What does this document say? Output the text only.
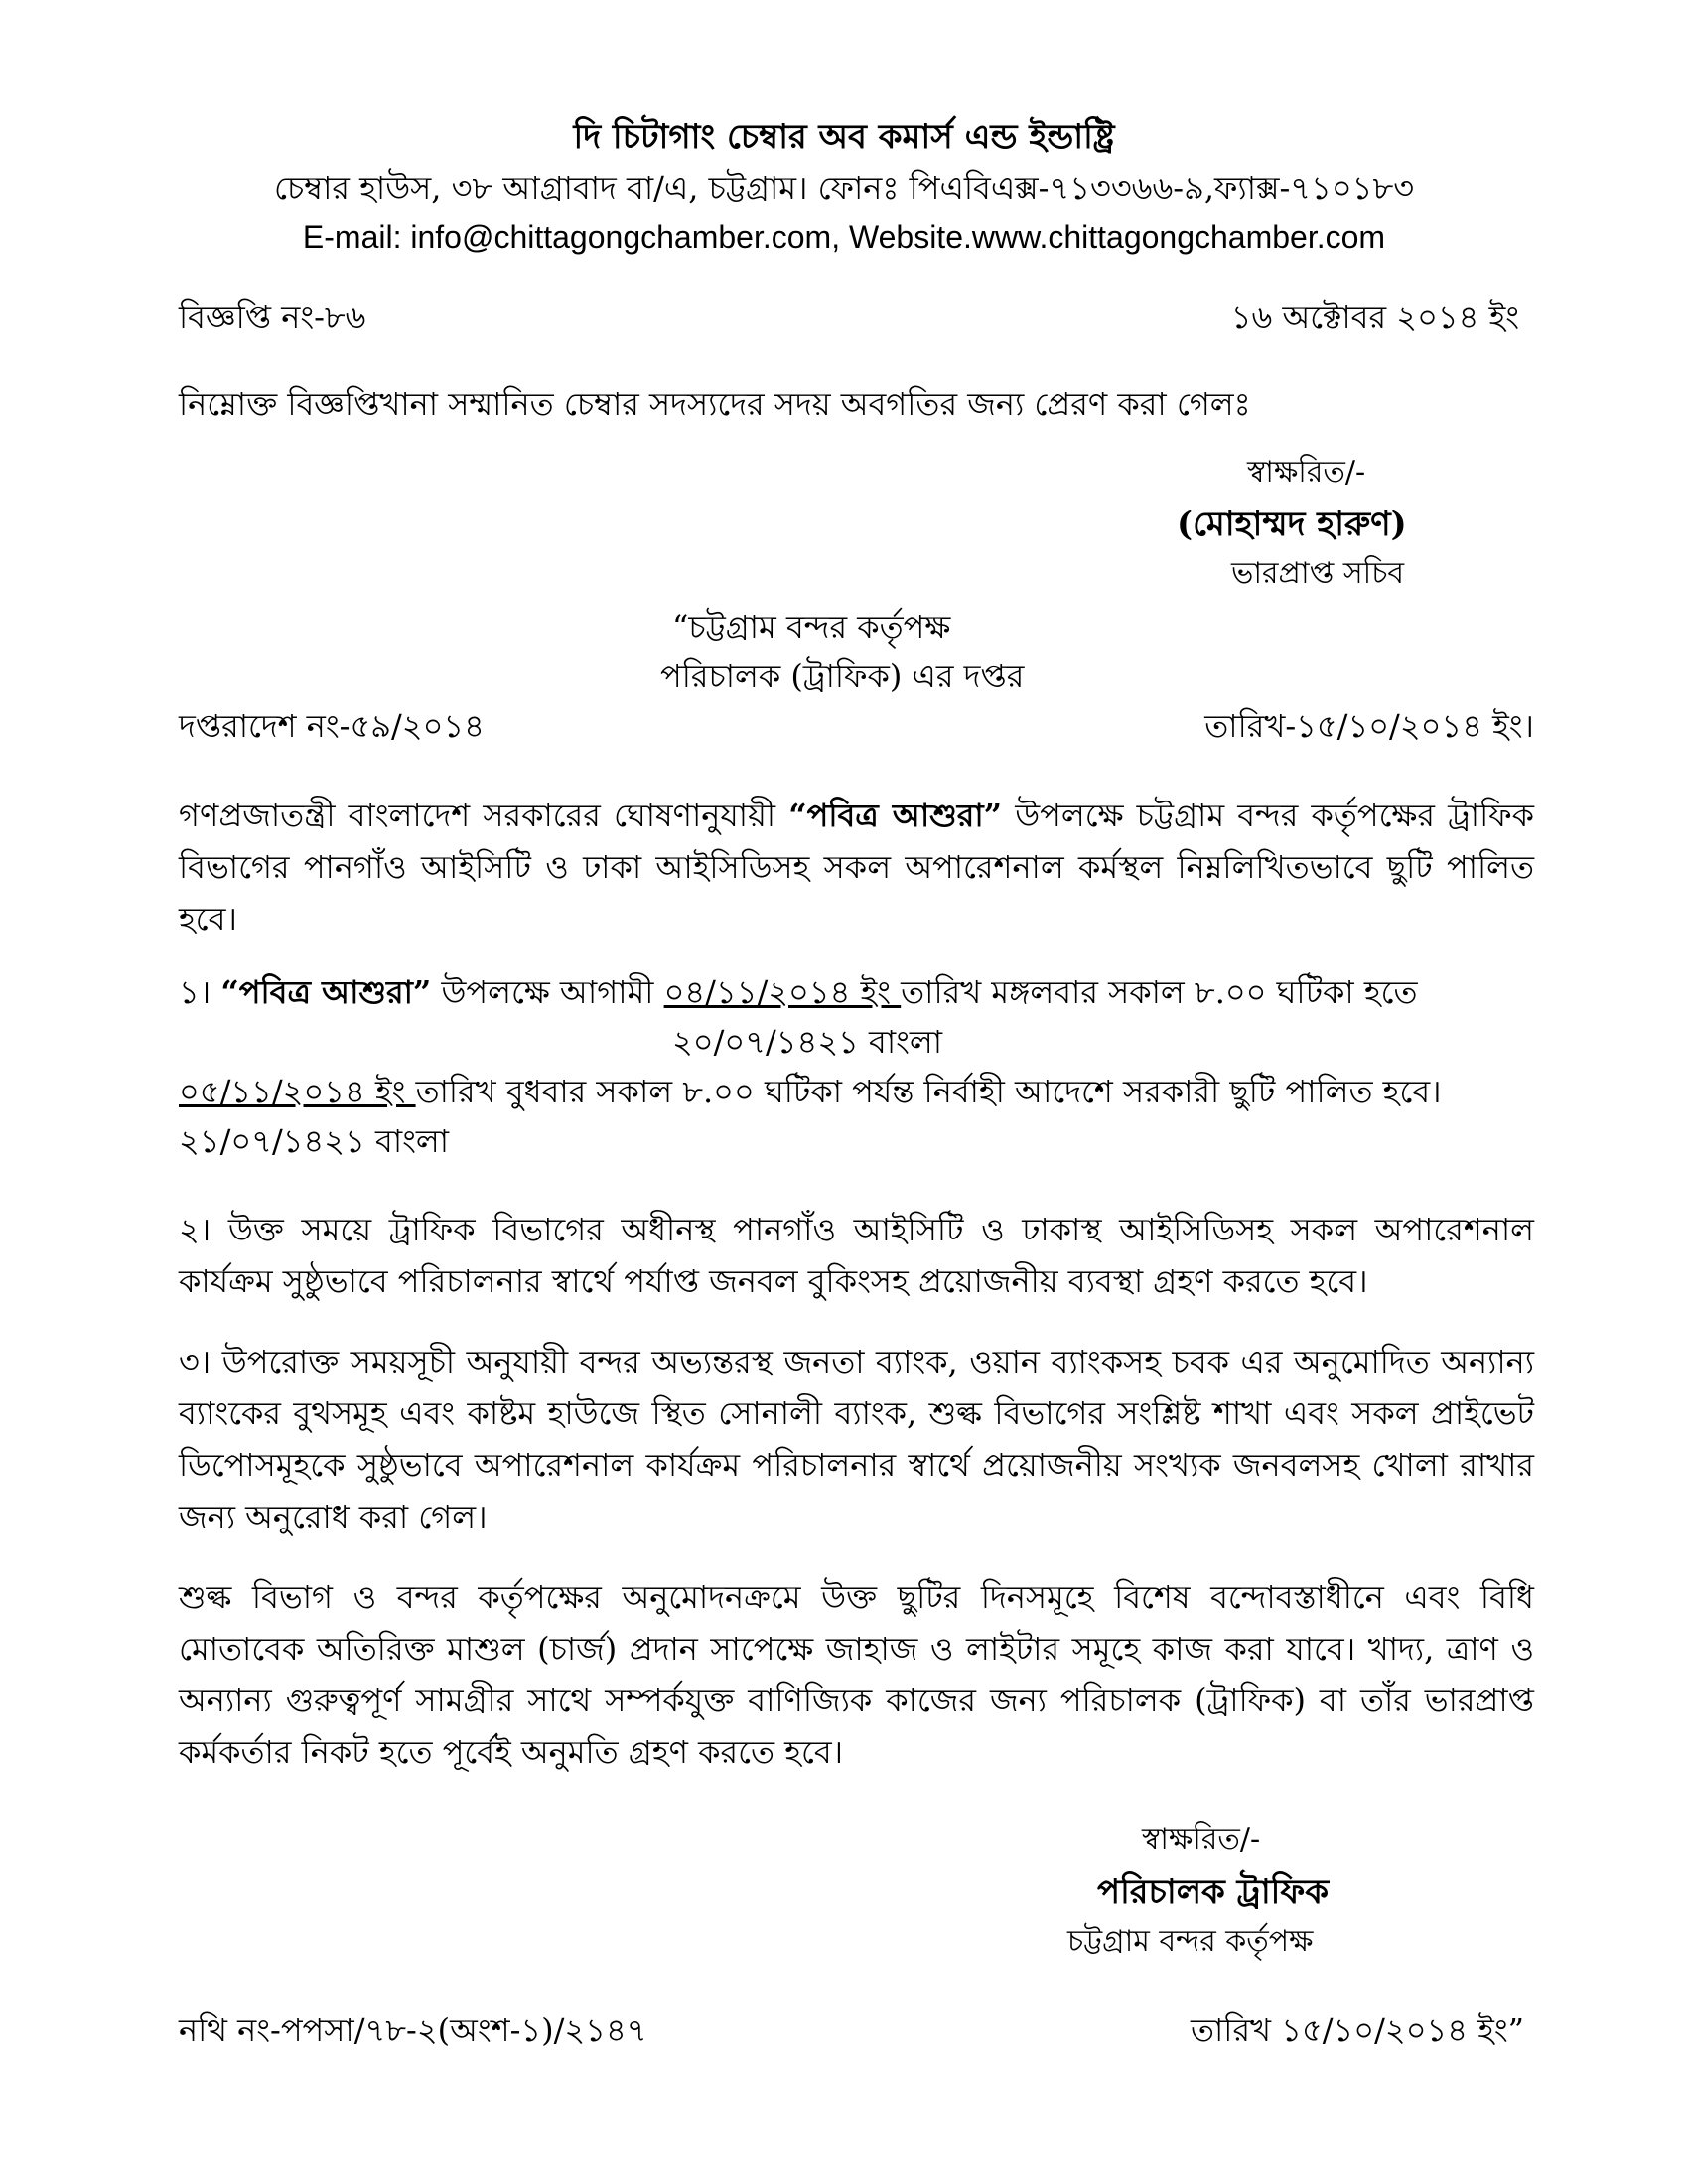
দি চিটাগাং চেম্বার অব কমার্স এন্ড ইন্ডাষ্ট্রি

চেম্বার হাউস, ৩৮ আগ্রাবাদ বা/এ, চট্টগ্রাম। ফোনঃ পিএবিএক্স-৭১৩৩৬৬-৯,ফ্যাক্স-৭১০১৮৩

E-mail: info@chittagongchamber.com, Website.www.chittagongchamber.com

বিজ্ঞপ্তি নং-৮৬	১৬ অক্টোবর ২০১৪ ইং

নিম্নোক্ত বিজ্ঞপ্তিখানা সম্মানিত চেম্বার সদস্যদের সদয় অবগতির জন্য প্রেরণ করা গেলঃ

স্বাক্ষরিত/-

(মোহাম্মদ হারুণ)

ভারপ্রাপ্ত সচিব

“চট্টগ্রাম বন্দর কর্তৃপক্ষ

পরিচালক (ট্রাফিক) এর দপ্তর

দপ্তরাদেশ নং-৫৯/২০১৪	তারিখ-১৫/১০/২০১৪ ইং।

গণপ্রজাতন্ত্রী বাংলাদেশ সরকারের ঘোষণানুযায়ী “পবিত্র আশুরা” উপলক্ষে চট্টগ্রাম বন্দর কর্তৃপক্ষের ট্রাফিক বিভাগের পানগাঁও আইসিটি ও ঢাকা আইসিডিসহ সকল অপারেশনাল কর্মস্থল নিম্নলিখিতভাবে ছুটি পালিত হবে।

১। “পবিত্র আশুরা” উপলক্ষে আগামী ০৪/১১/২০১৪ ইং তারিখ মঙ্গলবার সকাল ৮.০০ ঘটিকা হতে

২০/০৭/১৪২১ বাংলা

০৫/১১/২০১৪ ইং তারিখ বুধবার সকাল ৮.০০ ঘটিকা পর্যন্ত নির্বাহী আদেশে সরকারী ছুটি পালিত হবে।

২১/০৭/১৪২১ বাংলা

২। উক্ত সময়ে ট্রাফিক বিভাগের অধীনস্থ পানগাঁও আইসিটি ও ঢাকাস্থ আইসিডিসহ সকল অপারেশনাল কার্যক্রম সুষ্ঠুভাবে পরিচালনার স্বার্থে পর্যাপ্ত জনবল বুকিংসহ প্রয়োজনীয় ব্যবস্থা গ্রহণ করতে হবে।

৩। উপরোক্ত সময়সূচী অনুযায়ী বন্দর অভ্যন্তরস্থ জনতা ব্যাংক, ওয়ান ব্যাংকসহ চবক এর অনুমোদিত অন্যান্য ব্যাংকের বুথসমূহ এবং কাষ্টম হাউজে স্থিত সোনালী ব্যাংক, শুল্ক বিভাগের সংশ্লিষ্ট শাখা এবং সকল প্রাইভেট ডিপোসমূহকে সুষ্ঠুভাবে অপারেশনাল কার্যক্রম পরিচালনার স্বার্থে প্রয়োজনীয় সংখ্যক জনবলসহ খোলা রাখার জন্য অনুরোধ করা গেল।

শুল্ক বিভাগ ও বন্দর কর্তৃপক্ষের অনুমোদনক্রমে উক্ত ছুটির দিনসমূহে বিশেষ বন্দোবস্তাধীনে এবং বিধি মোতাবেক অতিরিক্ত মাশুল (চার্জ) প্রদান সাপেক্ষে জাহাজ ও লাইটার সমূহে কাজ করা যাবে। খাদ্য, ত্রাণ ও অন্যান্য গুরুত্বপূর্ণ সামগ্রীর সাথে সম্পর্কযুক্ত বাণিজ্যিক কাজের জন্য পরিচালক (ট্রাফিক) বা তাঁর ভারপ্রাপ্ত কর্মকর্তার নিকট হতে পূর্বেই অনুমতি গ্রহণ করতে হবে।

স্বাক্ষরিত/-

পরিচালক ট্রাফিক

চট্টগ্রাম বন্দর কর্তৃপক্ষ

নথি নং-পপসা/৭৮-২(অংশ-১)/২১৪৭	তারিখ ১৫/১০/২০১৪ ইং”
